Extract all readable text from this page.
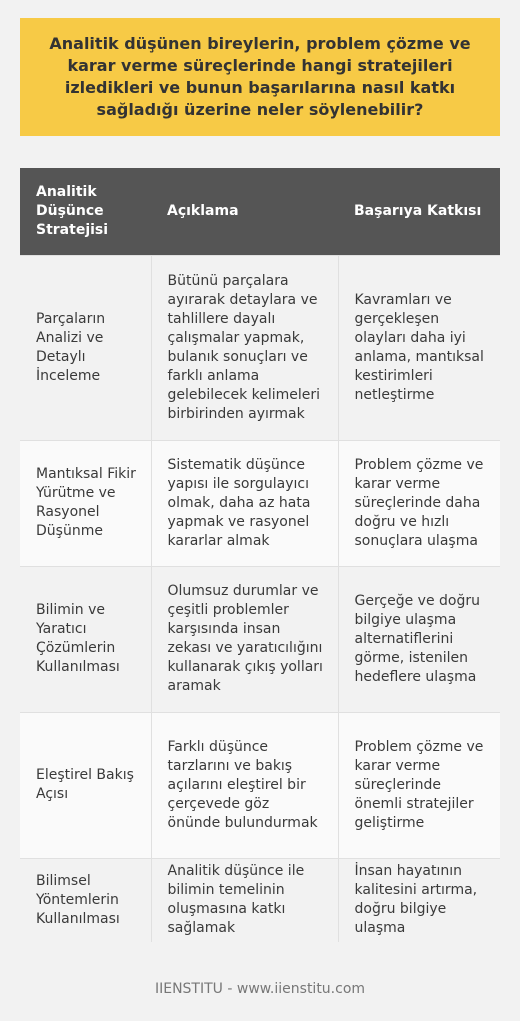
Analitik düşünen bireylerin, problem çözme ve karar verme süreçlerinde hangi stratejileri izledikleri ve bunun başarılarına nasıl katkı sağladığı üzerine neler söylenebilir?
Analitik Düşünce Stratejisi	Açıklama	Başarıya Katkısı
Parçaların Analizi ve Detaylı İnceleme	Bütünü parçalara ayırarak detaylara ve tahlillere dayalı çalışmalar yapmak, bulanık sonuçları ve farklı anlama gelebilecek kelimeleri birbirinden ayırmak	Kavramları ve gerçekleşen olayları daha iyi anlama, mantıksal kestirimleri netleştirme
Mantıksal Fikir Yürütme ve Rasyonel Düşünme	Sistematik düşünce yapısı ile sorgulayıcı olmak, daha az hata yapmak ve rasyonel kararlar almak	Problem çözme ve karar verme süreçlerinde daha doğru ve hızlı sonuçlara ulaşma
Bilimin ve Yaratıcı Çözümlerin Kullanılması	Olumsuz durumlar ve çeşitli problemler karşısında insan zekası ve yaratıcılığını kullanarak çıkış yolları aramak	Gerçeğe ve doğru bilgiye ulaşma alternatiflerini görme, istenilen hedeflere ulaşma
Eleştirel Bakış Açısı	Farklı düşünce tarzlarını ve bakış açılarını eleştirel bir çerçevede göz önünde bulundurmak	Problem çözme ve karar verme süreçlerinde önemli stratejiler geliştirme
Bilimsel Yöntemlerin Kullanılması	Analitik düşünce ile bilimin temelinin oluşmasına katkı sağlamak	İnsan hayatının kalitesini artırma, doğru bilgiye ulaşma
IIENSTITU - www.iienstitu.com
